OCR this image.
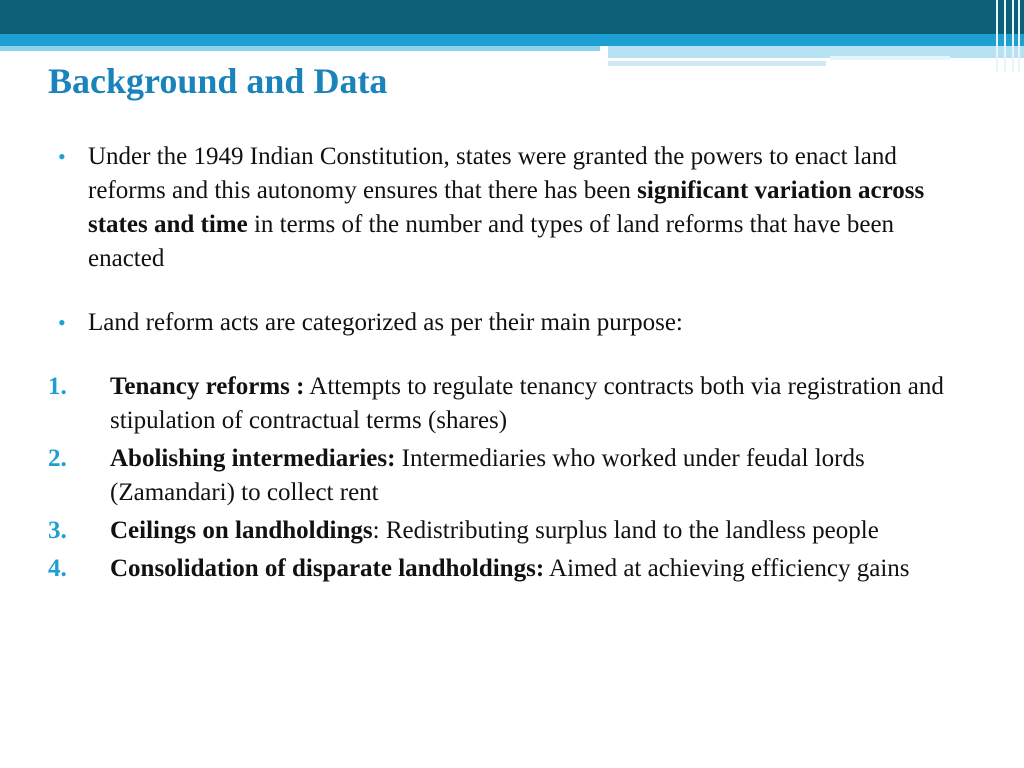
Background and Data
• Under the 1949 Indian Constitution, states were granted the powers to enact land reforms and this autonomy ensures that there has been significant variation across states and time in terms of the number and types of land reforms that have been enacted
• Land reform acts are categorized as per their main purpose:
1. Tenancy reforms : Attempts to regulate tenancy contracts both via registration and stipulation of contractual terms (shares)
2. Abolishing intermediaries: Intermediaries who worked under feudal lords (Zamandari) to collect rent
3. Ceilings on landholdings: Redistributing surplus land to the landless people
4. Consolidation of disparate landholdings: Aimed at achieving efficiency gains
